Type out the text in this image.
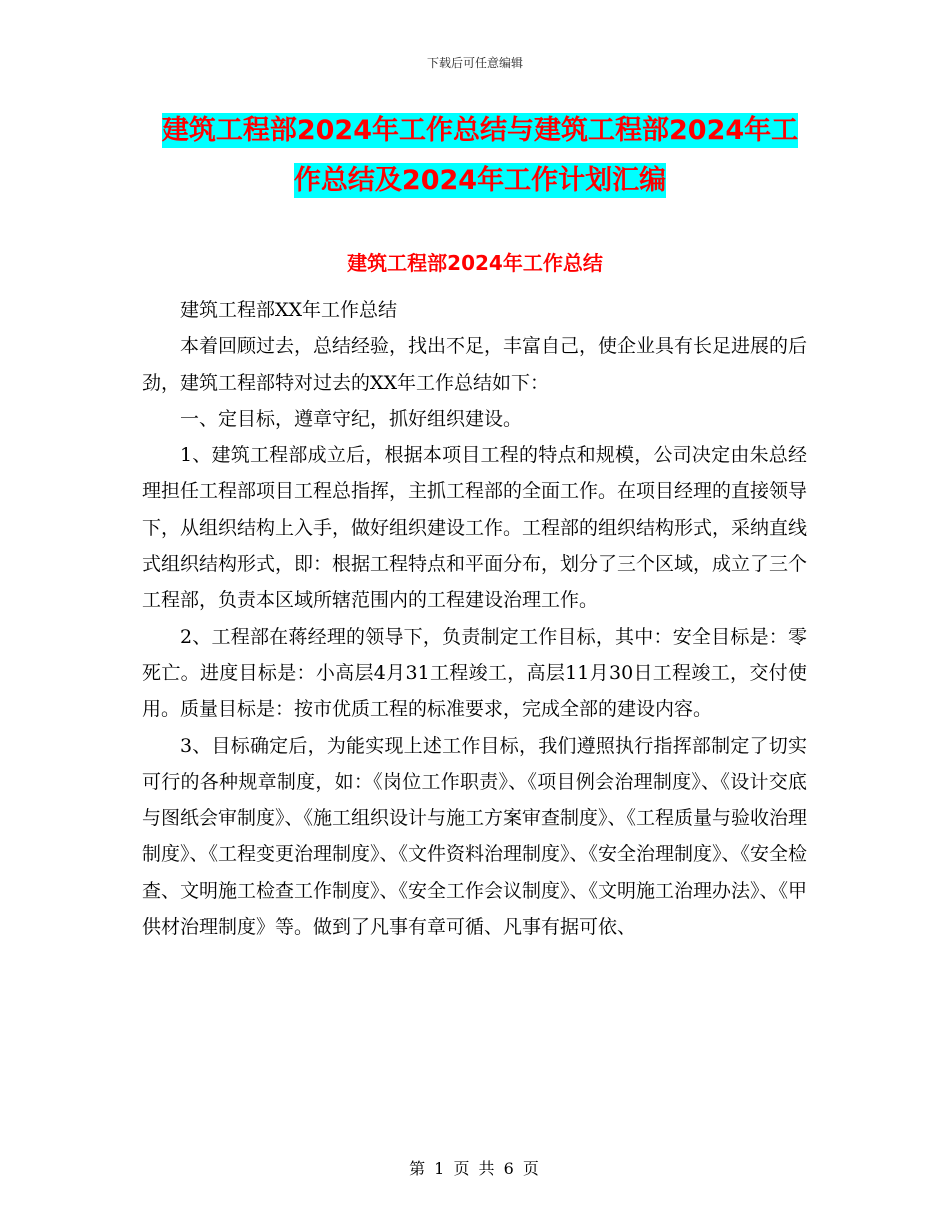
下载后可任意编辑
建筑工程部2024年工作总结与建筑工程部2024年工
作总结及2024年工作计划汇编
建筑工程部2024年工作总结

建筑工程部XX年工作总结

本着回顾过去，总结经验，找出不足，丰富自己，使企业具有长足进展的后劲，建筑工程部特对过去的XX年工作总结如下：

一、定目标，遵章守纪，抓好组织建设。

1、建筑工程部成立后，根据本项目工程的特点和规模，公司决定由朱总经理担任工程部项目工程总指挥，主抓工程部的全面工作。在项目经理的直接领导下，从组织结构上入手，做好组织建设工作。工程部的组织结构形式，采纳直线式组织结构形式，即：根据工程特点和平面分布，划分了三个区域，成立了三个工程部，负责本区域所辖范围内的工程建设治理工作。

2、工程部在蒋经理的领导下，负责制定工作目标，其中：安全目标是：零死亡。进度目标是：小高层4月31工程竣工，高层11月30日工程竣工，交付使用。质量目标是：按市优质工程的标准要求，完成全部的建设内容。

3、目标确定后，为能实现上述工作目标，我们遵照执行指挥部制定了切实可行的各种规章制度，如：《岗位工作职责》、《项目例会治理制度》、《设计交底与图纸会审制度》、《施工组织设计与施工方案审查制度》、《工程质量与验收治理制度》、《工程变更治理制度》、《文件资料治理制度》、《安全治理制度》、《安全检查、文明施工检查工作制度》、《安全工作会议制度》、《文明施工治理办法》、《甲供材治理制度》等。做到了凡事有章可循、凡事有据可依、

第 1 页 共 6 页
